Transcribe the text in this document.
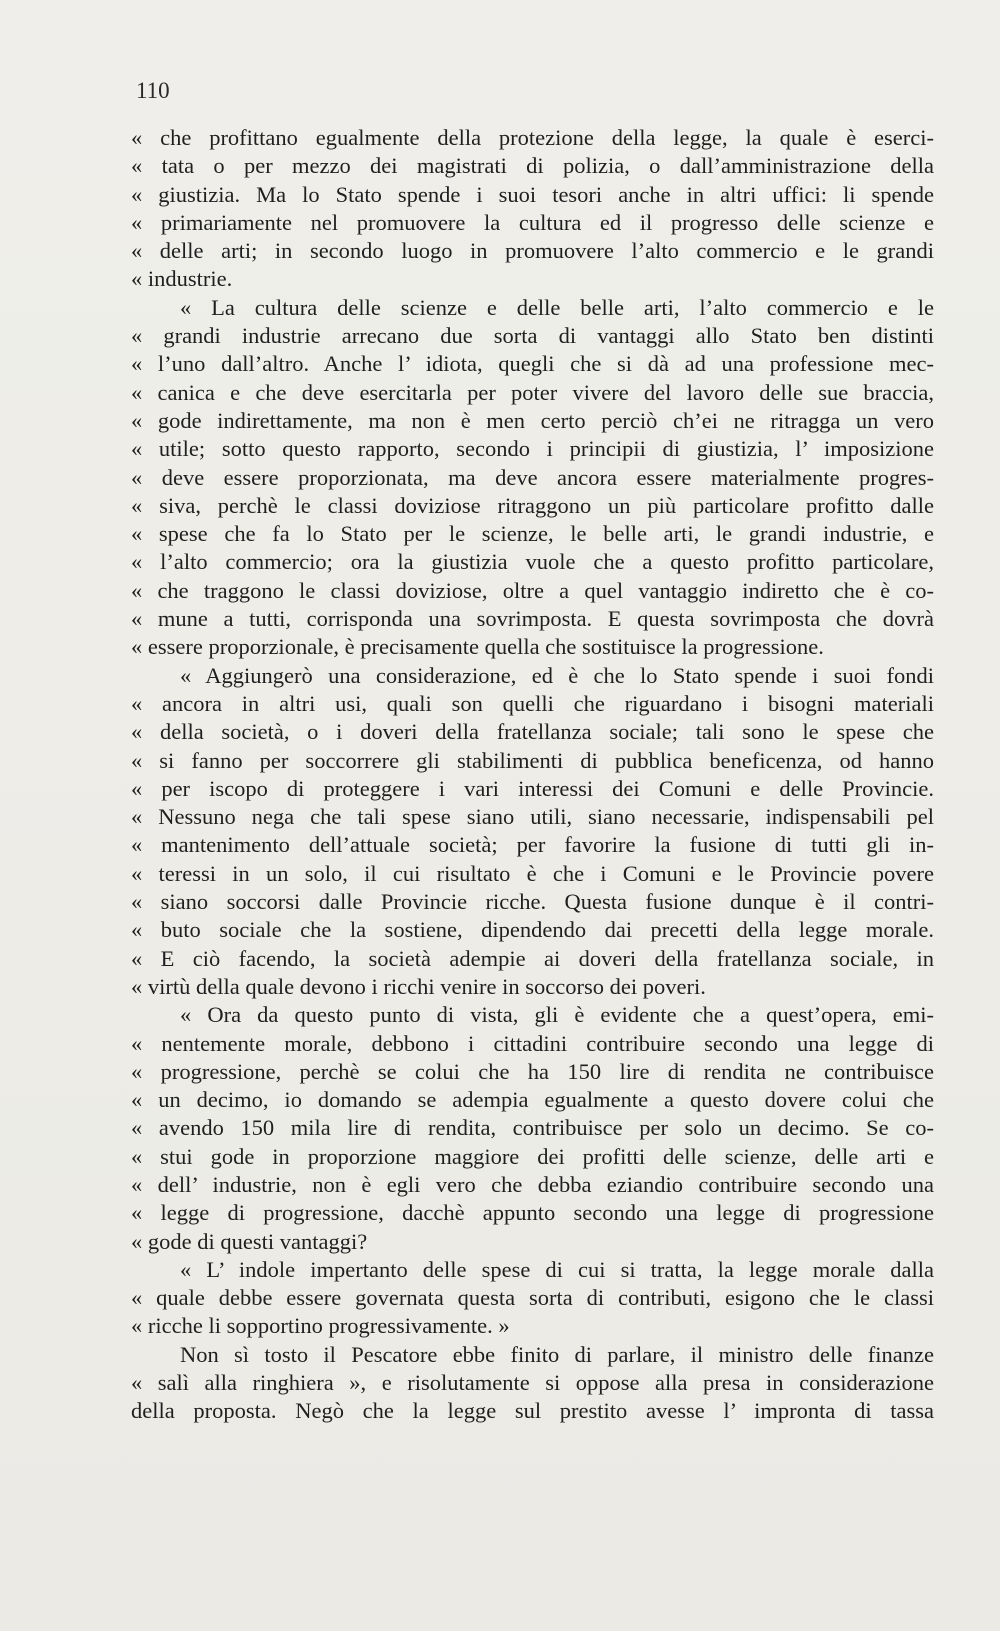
110
« che profittano egualmente della protezione della legge, la quale è eserci-
« tata o per mezzo dei magistrati di polizia, o dall’amministrazione della
« giustizia. Ma lo Stato spende i suoi tesori anche in altri uffici: li spende
« primariamente nel promuovere la cultura ed il progresso delle scienze e
« delle arti; in secondo luogo in promuovere l’alto commercio e le grandi
« industrie.
« La cultura delle scienze e delle belle arti, l’alto commercio e le
« grandi industrie arrecano due sorta di vantaggi allo Stato ben distinti
« l’uno dall’altro. Anche l’ idiota, quegli che si dà ad una professione mec-
« canica e che deve esercitarla per poter vivere del lavoro delle sue braccia,
« gode indirettamente, ma non è men certo perciò ch’ei ne ritragga un vero
« utile; sotto questo rapporto, secondo i principii di giustizia, l’ imposizione
« deve essere proporzionata, ma deve ancora essere materialmente progres-
« siva, perchè le classi doviziose ritraggono un più particolare profitto dalle
« spese che fa lo Stato per le scienze, le belle arti, le grandi industrie, e
« l’alto commercio; ora la giustizia vuole che a questo profitto particolare,
« che traggono le classi doviziose, oltre a quel vantaggio indiretto che è co-
« mune a tutti, corrisponda una sovrimposta. E questa sovrimposta che dovrà
« essere proporzionale, è precisamente quella che sostituisce la progressione.
« Aggiungerò una considerazione, ed è che lo Stato spende i suoi fondi
« ancora in altri usi, quali son quelli che riguardano i bisogni materiali
« della società, o i doveri della fratellanza sociale; tali sono le spese che
« si fanno per soccorrere gli stabilimenti di pubblica beneficenza, od hanno
« per iscopo di proteggere i vari interessi dei Comuni e delle Provincie.
« Nessuno nega che tali spese siano utili, siano necessarie, indispensabili pel
« mantenimento dell’attuale società; per favorire la fusione di tutti gli in-
« teressi in un solo, il cui risultato è che i Comuni e le Provincie povere
« siano soccorsi dalle Provincie ricche. Questa fusione dunque è il contri-
« buto sociale che la sostiene, dipendendo dai precetti della legge morale.
« E ciò facendo, la società adempie ai doveri della fratellanza sociale, in
« virtù della quale devono i ricchi venire in soccorso dei poveri.
« Ora da questo punto di vista, gli è evidente che a quest’opera, emi-
« nentemente morale, debbono i cittadini contribuire secondo una legge di
« progressione, perchè se colui che ha 150 lire di rendita ne contribuisce
« un decimo, io domando se adempia egualmente a questo dovere colui che
« avendo 150 mila lire di rendita, contribuisce per solo un decimo. Se co-
« stui gode in proporzione maggiore dei profitti delle scienze, delle arti e
« dell’ industrie, non è egli vero che debba eziandio contribuire secondo una
« legge di progressione, dacchè appunto secondo una legge di progressione
« gode di questi vantaggi?
« L’ indole impertanto delle spese di cui si tratta, la legge morale dalla
« quale debbe essere governata questa sorta di contributi, esigono che le classi
« ricche li sopportino progressivamente. »
Non sì tosto il Pescatore ebbe finito di parlare, il ministro delle finanze
« salì alla ringhiera », e risolutamente si oppose alla presa in considerazione
della proposta. Negò che la legge sul prestito avesse l’ impronta di tassa
